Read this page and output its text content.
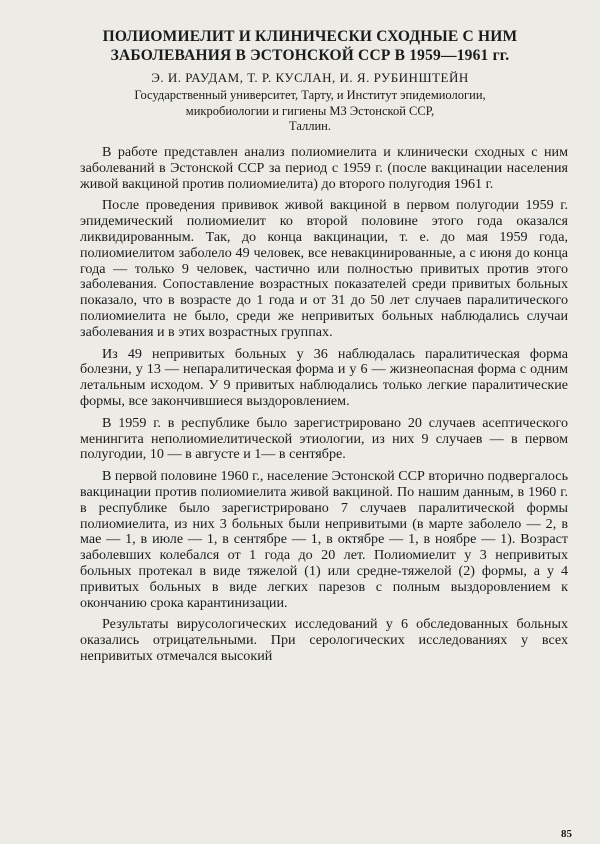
ПОЛИОМИЕЛИТ И КЛИНИЧЕСКИ СХОДНЫЕ С НИМ
ЗАБОЛЕВАНИЯ В ЭСТОНСКОЙ ССР В 1959—1961 гг.
Э. И. РАУДАМ, Т. Р. КУСЛАН, И. Я. РУБИНШТЕЙН
Государственный университет, Тарту, и Институт эпидемиологии,
микробиологии и гигиены МЗ Эстонской ССР,
Таллин.

В работе представлен анализ полиомиелита и клинически сходных с ним заболеваний в Эстонской ССР за период с 1959 г. (после вакцинации населения живой вакциной против полиомиелита) до второго полугодия 1961 г.

После проведения прививок живой вакциной в первом полугодии 1959 г. эпидемический полиомиелит ко второй половине этого года оказался ликвидированным. Так, до конца вакцинации, т. е. до мая 1959 года, полиомиелитом заболело 49 человек, все невакцинированные, а с июня до конца года — только 9 человек, частично или полностью привитых против этого заболевания. Сопоставление возрастных показателей среди привитых больных показало, что в возрасте до 1 года и от 31 до 50 лет случаев паралитического полиомиелита не было, среди же непривитых больных наблюдались случаи заболевания и в этих возрастных группах.

Из 49 непривитых больных у 36 наблюдалась паралитическая форма болезни, у 13 — непаралитическая форма и у 6 — жизнеопасная форма с одним летальным исходом. У 9 привитых наблюдались только легкие паралитические формы, все закончившиеся выздоровлением.

В 1959 г. в республике было зарегистрировано 20 случаев асептического менингита неполиомиелитической этиологии, из них 9 случаев — в первом полугодии, 10 — в августе и 1— в сентябре.

В первой половине 1960 г., население Эстонской ССР вторично подвергалось вакцинации против полиомиелита живой вакциной. По нашим данным, в 1960 г. в республике было зарегистрировано 7 случаев паралитической формы полиомиелита, из них 3 больных были непривитыми (в марте заболело — 2, в мае — 1, в июле — 1, в сентябре — 1, в октябре — 1, в ноябре — 1). Возраст заболевших колебался от 1 года до 20 лет. Полиомиелит у 3 непривитых больных протекал в виде тяжелой (1) или средне-тяжелой (2) формы, а у 4 привитых больных в виде легких парезов с полным выздоровлением к окончанию срока карантинизации.

Результаты вирусологических исследований у 6 обследованных больных оказались отрицательными. При серологических исследованиях у всех непривитых отмечался высокий

85
